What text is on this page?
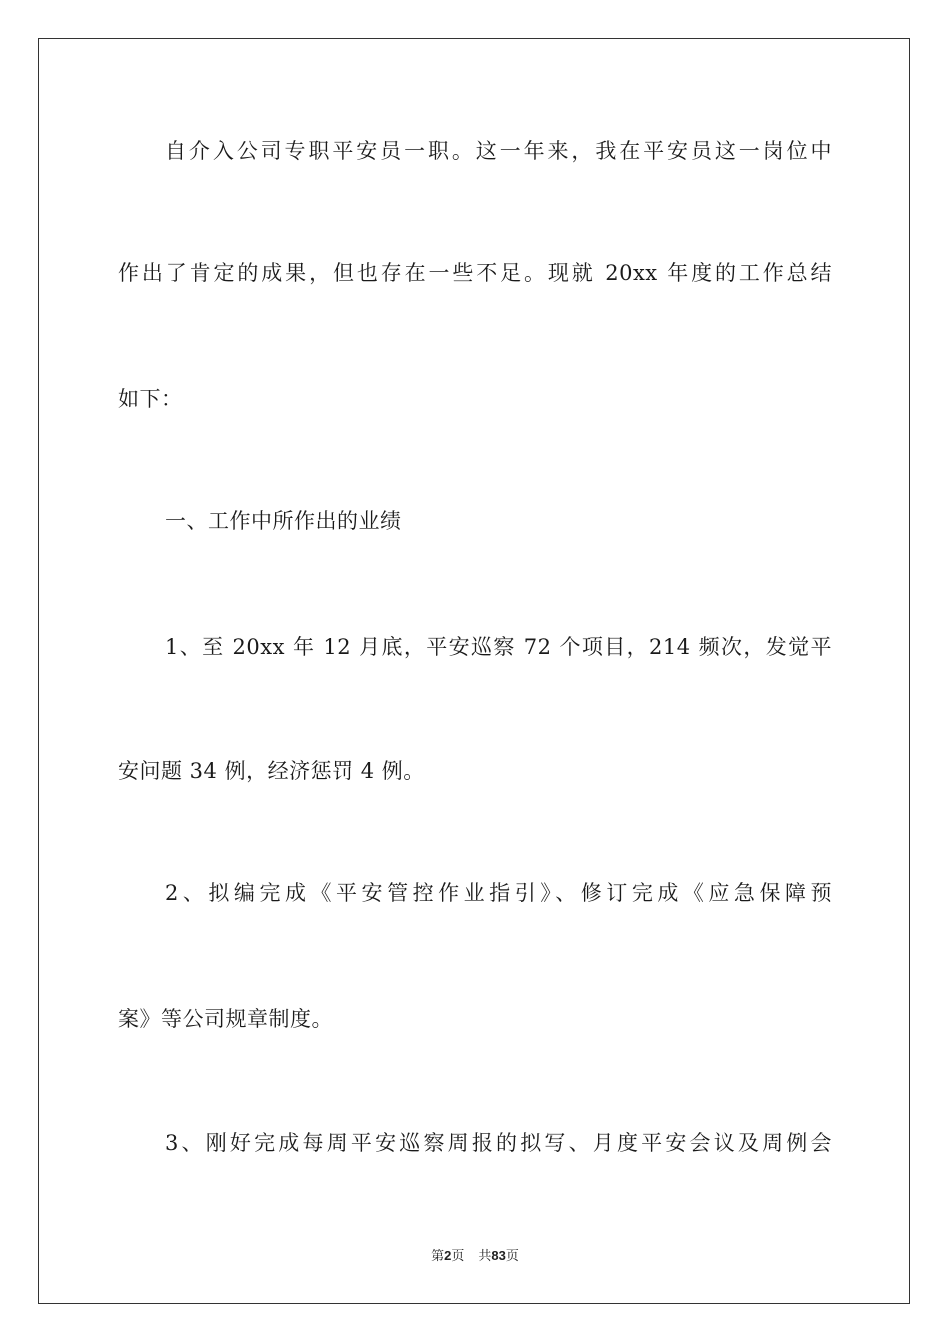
自介入公司专职平安员一职。这一年来，我在平安员这一岗位中
作出了肯定的成果，但也存在一些不足。现就 20xx 年度的工作总结
如下：
一、工作中所作出的业绩
1、至 20xx 年 12 月底，平安巡察 72 个项目，214 频次，发觉平
安问题 34 例，经济惩罚 4 例。
2、拟编完成《平安管控作业指引》、修订完成《应急保障预
案》等公司规章制度。
3、刚好完成每周平安巡察周报的拟写、月度平安会议及周例会
第2页 共83页
